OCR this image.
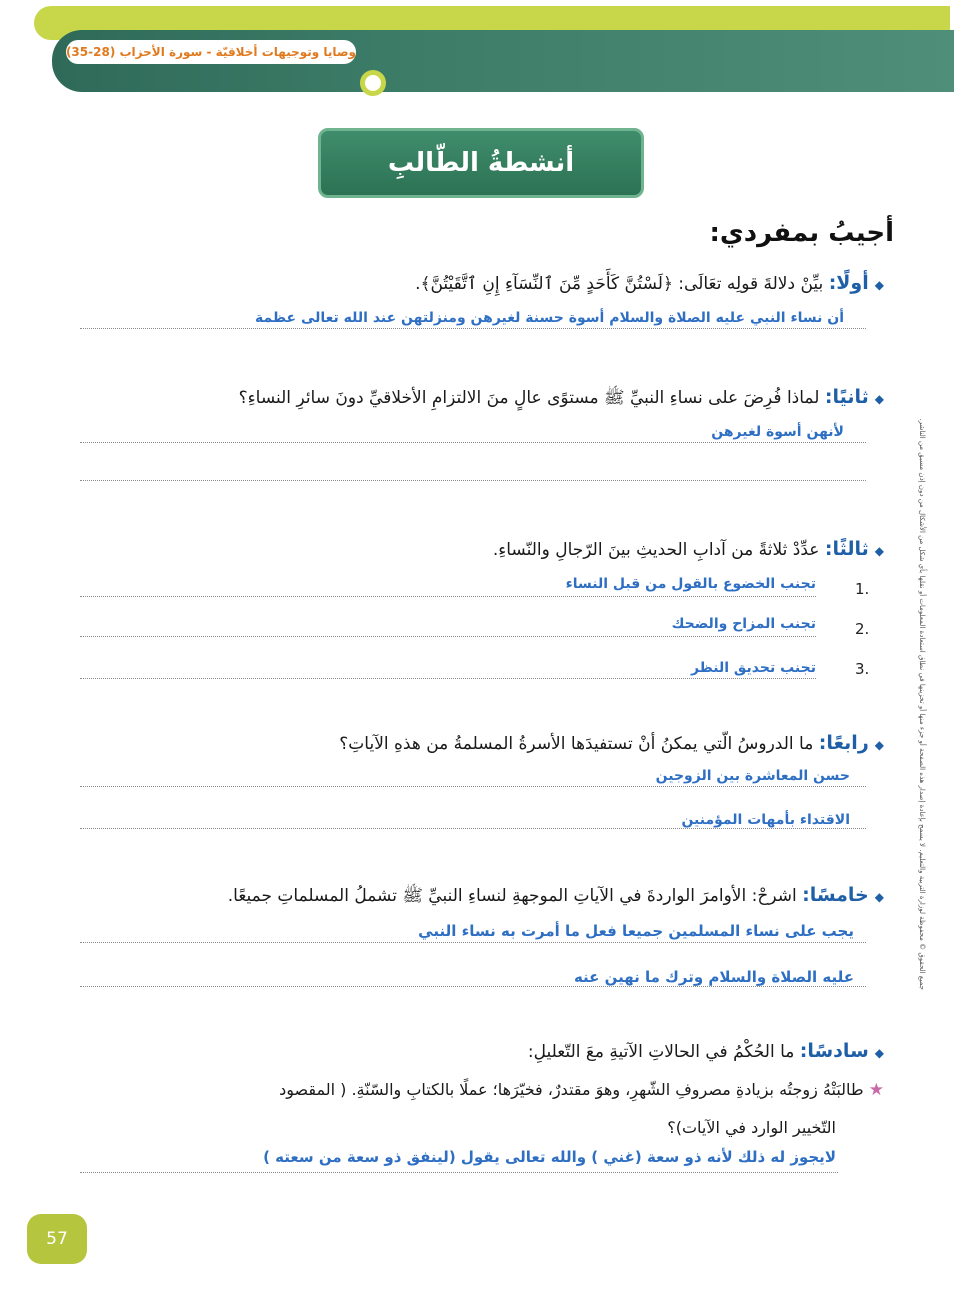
وصايا وتوجيهات أخلاقيّة - سورة الأحزاب (28-35)
أنشطةُ الطّالبِ
أجيبُ بمفردي:
جميع الحقوق © محفوظة لوزارة التربية والتعليم. لا يسمح بإعادة إصدار هذه الصفحة أو جزء منها أو تخزينها في نطاق استعادة المعلومات أو نقلها بأي شكل من الأشكال من دون إذن مسبق من الناشر.
◆أولًا: بيِّنْ دلالةَ قولِه تعَالَى: ﴿لَسْتُنَّ كَأَحَدٍ مِّنَ ٱلنِّسَآءِ إِنِ ٱتَّقَيْتُنَّ﴾.
أن نساء النبي عليه الصلاة والسلام أسوة حسنة لغيرهن ومنزلتهن عند الله تعالى عظمة
◆ثانيًا: لماذا فُرِضَ على نساءِ النبيِّ ﷺ مستوًى عالٍ منَ الالتزامِ الأخلاقيِّ دونَ سائرِ النساءِ؟
لأنهن أسوة لغيرهن
◆ثالثًا: عدِّدْ ثلاثةً من آدابِ الحديثِ بينَ الرّجالِ والنّساءِ.
1.
تجنب الخضوع بالقول من قبل النساء
2.
تجنب المزاح والضحك
3.
تجنب تحديق النظر
◆رابعًا: ما الدروسُ الّتي يمكنُ أنْ تستفيدَها الأسرةُ المسلمةُ من هذهِ الآياتِ؟
حسن المعاشرة بين الزوجين
الاقتداء بأمهات المؤمنين
◆خامسًا: اشرحْ: الأوامرَ الواردةَ في الآياتِ الموجهةِ لنساءِ النبيِّ ﷺ تشملُ المسلماتِ جميعًا.
يجب على نساء المسلمين جميعا فعل ما أمرت به نساء النبي
عليه الصلاة والسلام وترك ما نهين عنه
◆سادسًا: ما الحُكْمُ في الحالاتِ الآتيةِ معَ التّعليلِ:
★ طالبَتْهُ زوجتُه بزيادةِ مصروفِ الشّهرِ، وهوَ مقتدرٌ، فخيّرَها؛ عملًا بالكتابِ والسّنّةِ. ( المقصود
التّخيير الوارد في الآيات)؟
لايجوز له ذلك لأنه ذو سعة (غني ) والله تعالى يقول (لينفق ذو سعة من سعته )
57
